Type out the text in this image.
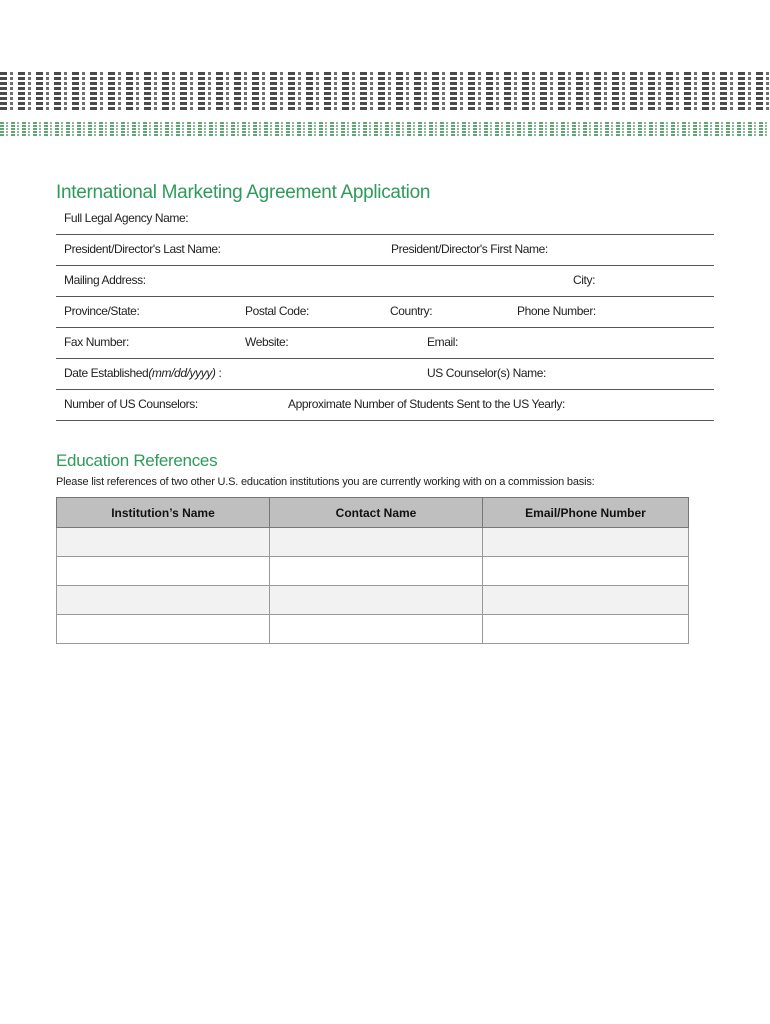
International Marketing Agreement Application
Full Legal Agency Name:
President/Director's Last Name:	President/Director's First Name:
Mailing Address:	City:
Province/State:	Postal Code:	Country:	Phone Number:
Fax Number:	Website:	Email:
Date Established(mm/dd/yyyy) :	US Counselor(s) Name:
Number of US Counselors:	Approximate Number of Students Sent to the US Yearly:
Education References
Please list references of two other U.S. education institutions you are currently working with on a commission basis:
Institution’s Name	Contact Name	Email/Phone Number
